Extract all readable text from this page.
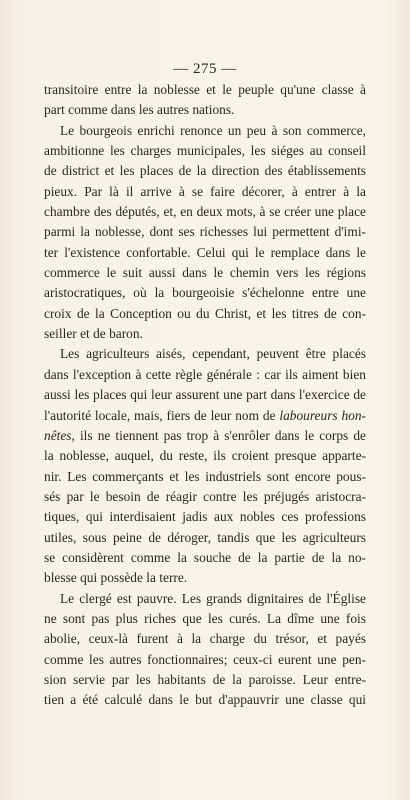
— 275 —
transitoire entre la noblesse et le peuple qu'une classe à
part comme dans les autres nations.
Le bourgeois enrichi renonce un peu à son commerce,
ambitionne les charges municipales, les siéges au conseil
de district et les places de la direction des établissements
pieux. Par là il arrive à se faire décorer, à entrer à la
chambre des députés, et, en deux mots, à se créer une place
parmi la noblesse, dont ses richesses lui permettent d'imi-
ter l'existence confortable. Celui qui le remplace dans le
commerce le suit aussi dans le chemin vers les régions
aristocratiques, où la bourgeoisie s'échelonne entre une
croix de la Conception ou du Christ, et les titres de con-
seiller et de baron.
Les agriculteurs aisés, cependant, peuvent être placés
dans l'exception à cette règle générale : car ils aiment bien
aussi les places qui leur assurent une part dans l'exercice de
l'autorité locale, mais, fiers de leur nom de laboureurs hon-
nêtes, ils ne tiennent pas trop à s'enrôler dans le corps de
la noblesse, auquel, du reste, ils croient presque apparte-
nir. Les commerçants et les industriels sont encore pous-
sés par le besoin de réagir contre les préjugés aristocra-
tiques, qui interdisaient jadis aux nobles ces professions
utiles, sous peine de déroger, tandis que les agriculteurs
se considèrent comme la souche de la partie de la no-
blesse qui possède la terre.
Le clergé est pauvre. Les grands dignitaires de l'Église
ne sont pas plus riches que les curés. La dîme une fois
abolie, ceux-là furent à la charge du trésor, et payés
comme les autres fonctionnaires; ceux-ci eurent une pen-
sion servie par les habitants de la paroisse. Leur entre-
tien a été calculé dans le but d'appauvrir une classe qui
